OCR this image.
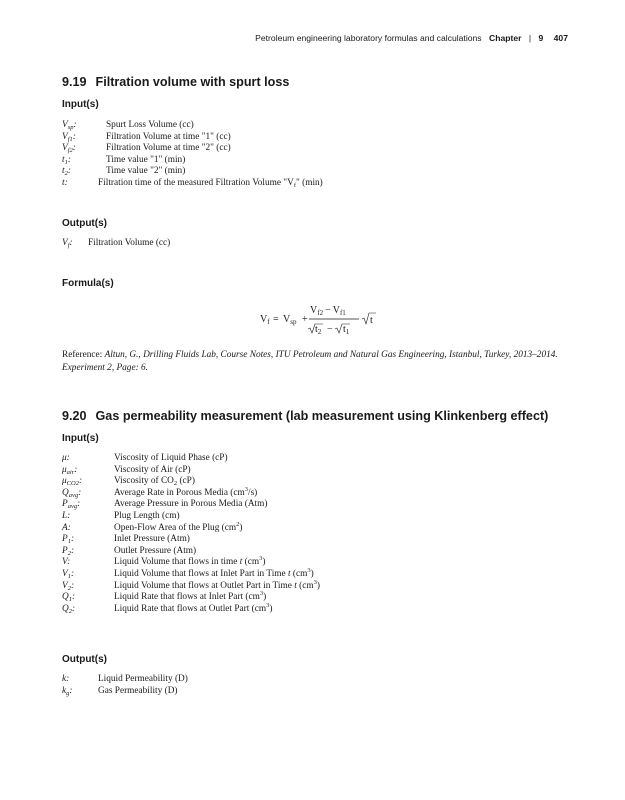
Petroleum engineering laboratory formulas and calculations Chapter | 9 407
9.19 Filtration volume with spurt loss
Input(s)
$V_{sp}$:	Spurt Loss Volume (cc)
$V_{f1}$:	Filtration Volume at time "1" (cc)
$V_{f2}$:	Filtration Volume at time "2" (cc)
$t_1$:	Time value "1" (min)
$t_2$:	Time value "2" (min)
t:	Filtration time of the measured Filtration Volume "$V_f$" (min)
Output(s)
$V_f$: Filtration Volume (cc)
Formula(s)
$V_f = V_{sp}$ +
$V_{f2} - V_{f1}$
$t_2 - t_1$
t
Reference: Altun, G., Drilling Fluids Lab, Course Notes, ITU Petroleum and Natural Gas Engineering, Istanbul, Turkey, 2013–2014. Experiment 2, Page: 6.
9.20 Gas permeability measurement (lab measurement using Klinkenberg effect)
Input(s)
μ:	Viscosity of Liquid Phase (cP)
$\mu_{air}$:	Viscosity of Air (cP)
$\mu_{CO2}$:	Viscosity of $CO_2$ (cP)
$Q_{avg}$:	Average Rate in Porous Media $(cm^3/s)$
$P_{avg}$:	Average Pressure in Porous Media (Atm)
L:	Plug Length (cm)
A:	Open-Flow Area of the Plug $(cm^2)$
$P_1$:	Inlet Pressure (Atm)
$P_2$:	Outlet Pressure (Atm)
V:	Liquid Volume that flows in time t $(cm^3)$
$V_1$:	Liquid Volume that flows at Inlet Part in Time t $(cm^3)$
$V_2$:	Liquid Volume that flows at Outlet Part in Time t $(cm^3)$
$Q_1$:	Liquid Rate that flows at Inlet Part $(cm^3)$
$Q_2$:	Liquid Rate that flows at Outlet Part $(cm^3)$
Output(s)
k:	Liquid Permeability (D)
$k_g$:	Gas Permeability (D)
